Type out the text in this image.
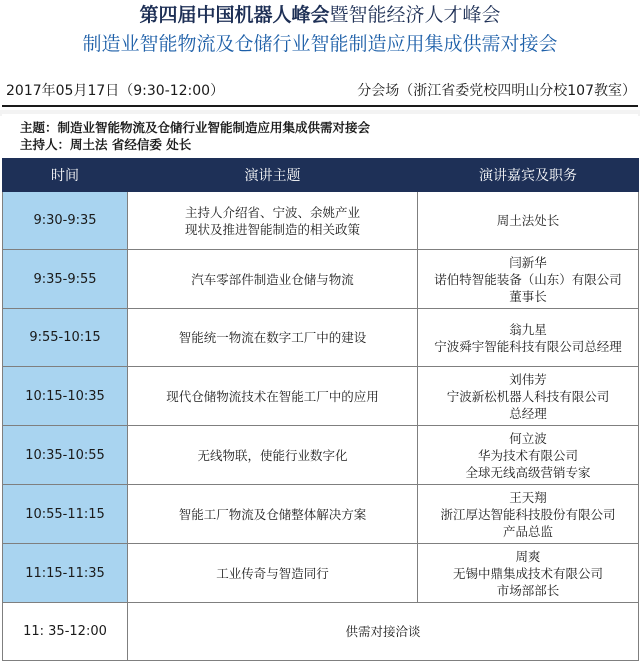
第四届中国机器人峰会暨智能经济人才峰会
制造业智能物流及仓储行业智能制造应用集成供需对接会
2017年05月17日（9:30-12:00）	分会场（浙江省委党校四明山分校107教室）
主题：制造业智能物流及仓储行业智能制造应用集成供需对接会
主持人：周土法 省经信委 处长
时间	演讲主题	演讲嘉宾及职务
9:30-9:35	主持人介绍省、宁波、余姚产业
现状及推进智能制造的相关政策	周土法处长
9:35-9:55	汽车零部件制造业仓储与物流	闫新华
诺伯特智能装备（山东）有限公司
董事长
9:55-10:15	智能统一物流在数字工厂中的建设	翁九星
宁波舜宇智能科技有限公司总经理
10:15-10:35	现代仓储物流技术在智能工厂中的应用	刘伟芳
宁波新松机器人科技有限公司
总经理
10:35-10:55	无线物联，使能行业数字化	何立波
华为技术有限公司
全球无线高级营销专家
10:55-11:15	智能工厂物流及仓储整体解决方案	王天翔
浙江厚达智能科技股份有限公司
产品总监
11:15-11:35	工业传奇与智造同行	周爽
无锡中鼎集成技术有限公司
市场部部长
11: 35-12:00	供需对接洽谈	
